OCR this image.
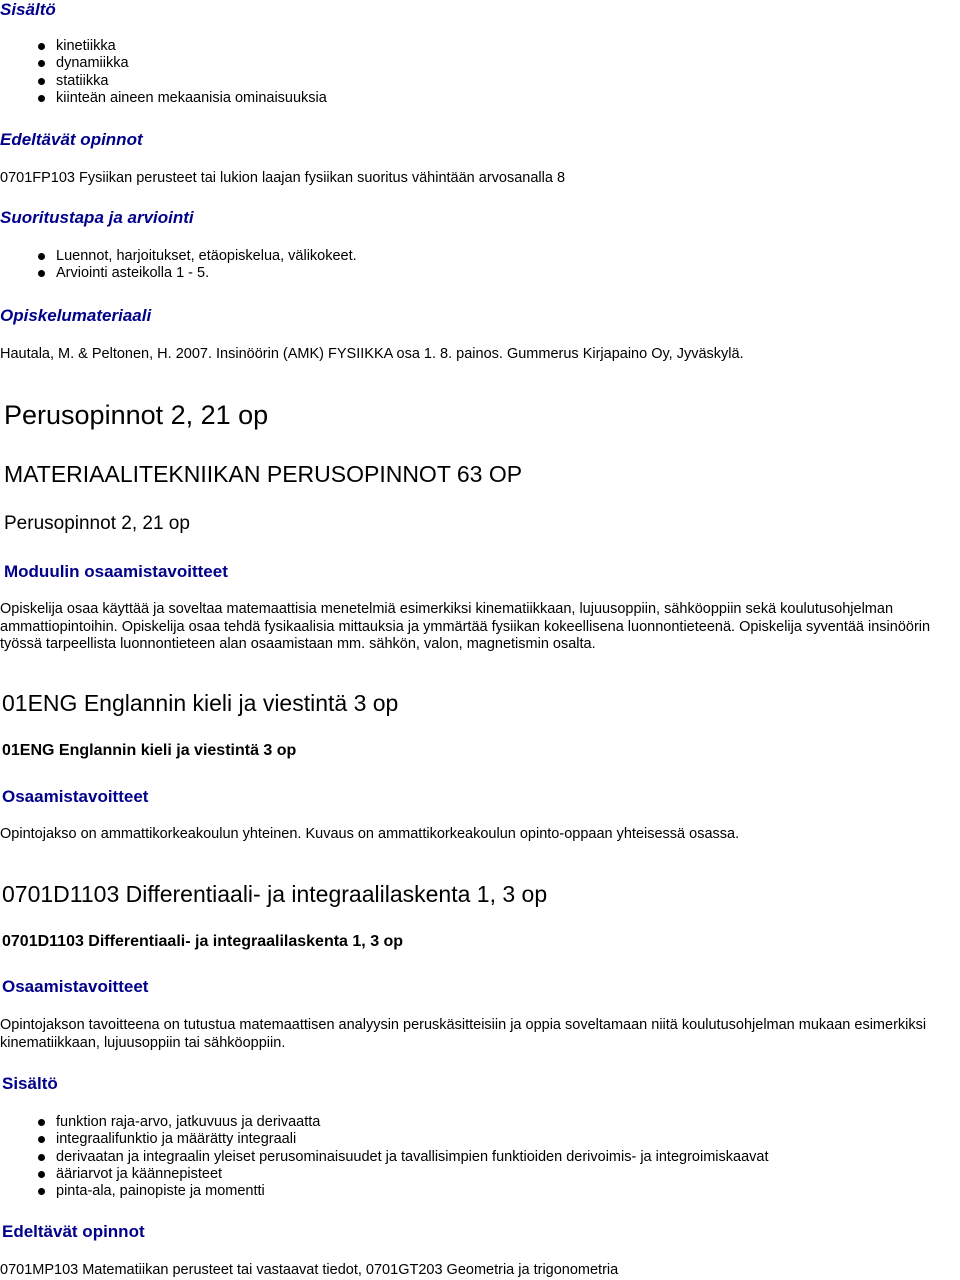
Sisältö
kinetiikka
dynamiikka
statiikka
kiinteän aineen mekaanisia ominaisuuksia
Edeltävät opinnot
0701FP103 Fysiikan perusteet tai lukion laajan fysiikan suoritus vähintään arvosanalla 8
Suoritustapa ja arviointi
Luennot, harjoitukset, etäopiskelua, välikokeet.
Arviointi asteikolla 1 - 5.
Opiskelumateriaali
Hautala, M. & Peltonen, H. 2007. Insinöörin (AMK) FYSIIKKA osa 1. 8. painos. Gummerus Kirjapaino Oy, Jyväskylä.
Perusopinnot 2, 21 op
MATERIAALITEKNIIKAN PERUSOPINNOT 63 OP
Perusopinnot 2, 21 op
Moduulin osaamistavoitteet
Opiskelija osaa käyttää ja soveltaa matemaattisia menetelmiä esimerkiksi kinematiikkaan, lujuusoppiin, sähköoppiin sekä koulutusohjelman ammattiopintoihin. Opiskelija osaa tehdä fysikaalisia mittauksia ja ymmärtää fysiikan kokeellisena luonnontieteenä. Opiskelija syventää insinöörin työssä tarpeellista luonnontieteen alan osaamistaan mm. sähkön, valon, magnetismin osalta.
01ENG Englannin kieli ja viestintä 3 op
01ENG Englannin kieli ja viestintä 3 op
Osaamistavoitteet
Opintojakso on ammattikorkeakoulun yhteinen. Kuvaus on ammattikorkeakoulun opinto-oppaan yhteisessä osassa.
0701D1103 Differentiaali- ja integraalilaskenta 1, 3 op
0701D1103 Differentiaali- ja integraalilaskenta 1, 3 op
Osaamistavoitteet
Opintojakson tavoitteena on tutustua matemaattisen analyysin peruskäsitteisiin ja oppia soveltamaan niitä koulutusohjelman mukaan esimerkiksi kinematiikkaan, lujuusoppiin tai sähköoppiin.
Sisältö
funktion raja-arvo, jatkuvuus ja derivaatta
integraalifunktio ja määrätty integraali
derivaatan ja integraalin yleiset perusominaisuudet ja tavallisimpien funktioiden derivoimis- ja integroimiskaavat
ääriarvot ja käännepisteet
pinta-ala, painopiste ja momentti
Edeltävät opinnot
0701MP103 Matematiikan perusteet tai vastaavat tiedot, 0701GT203 Geometria ja trigonometria
